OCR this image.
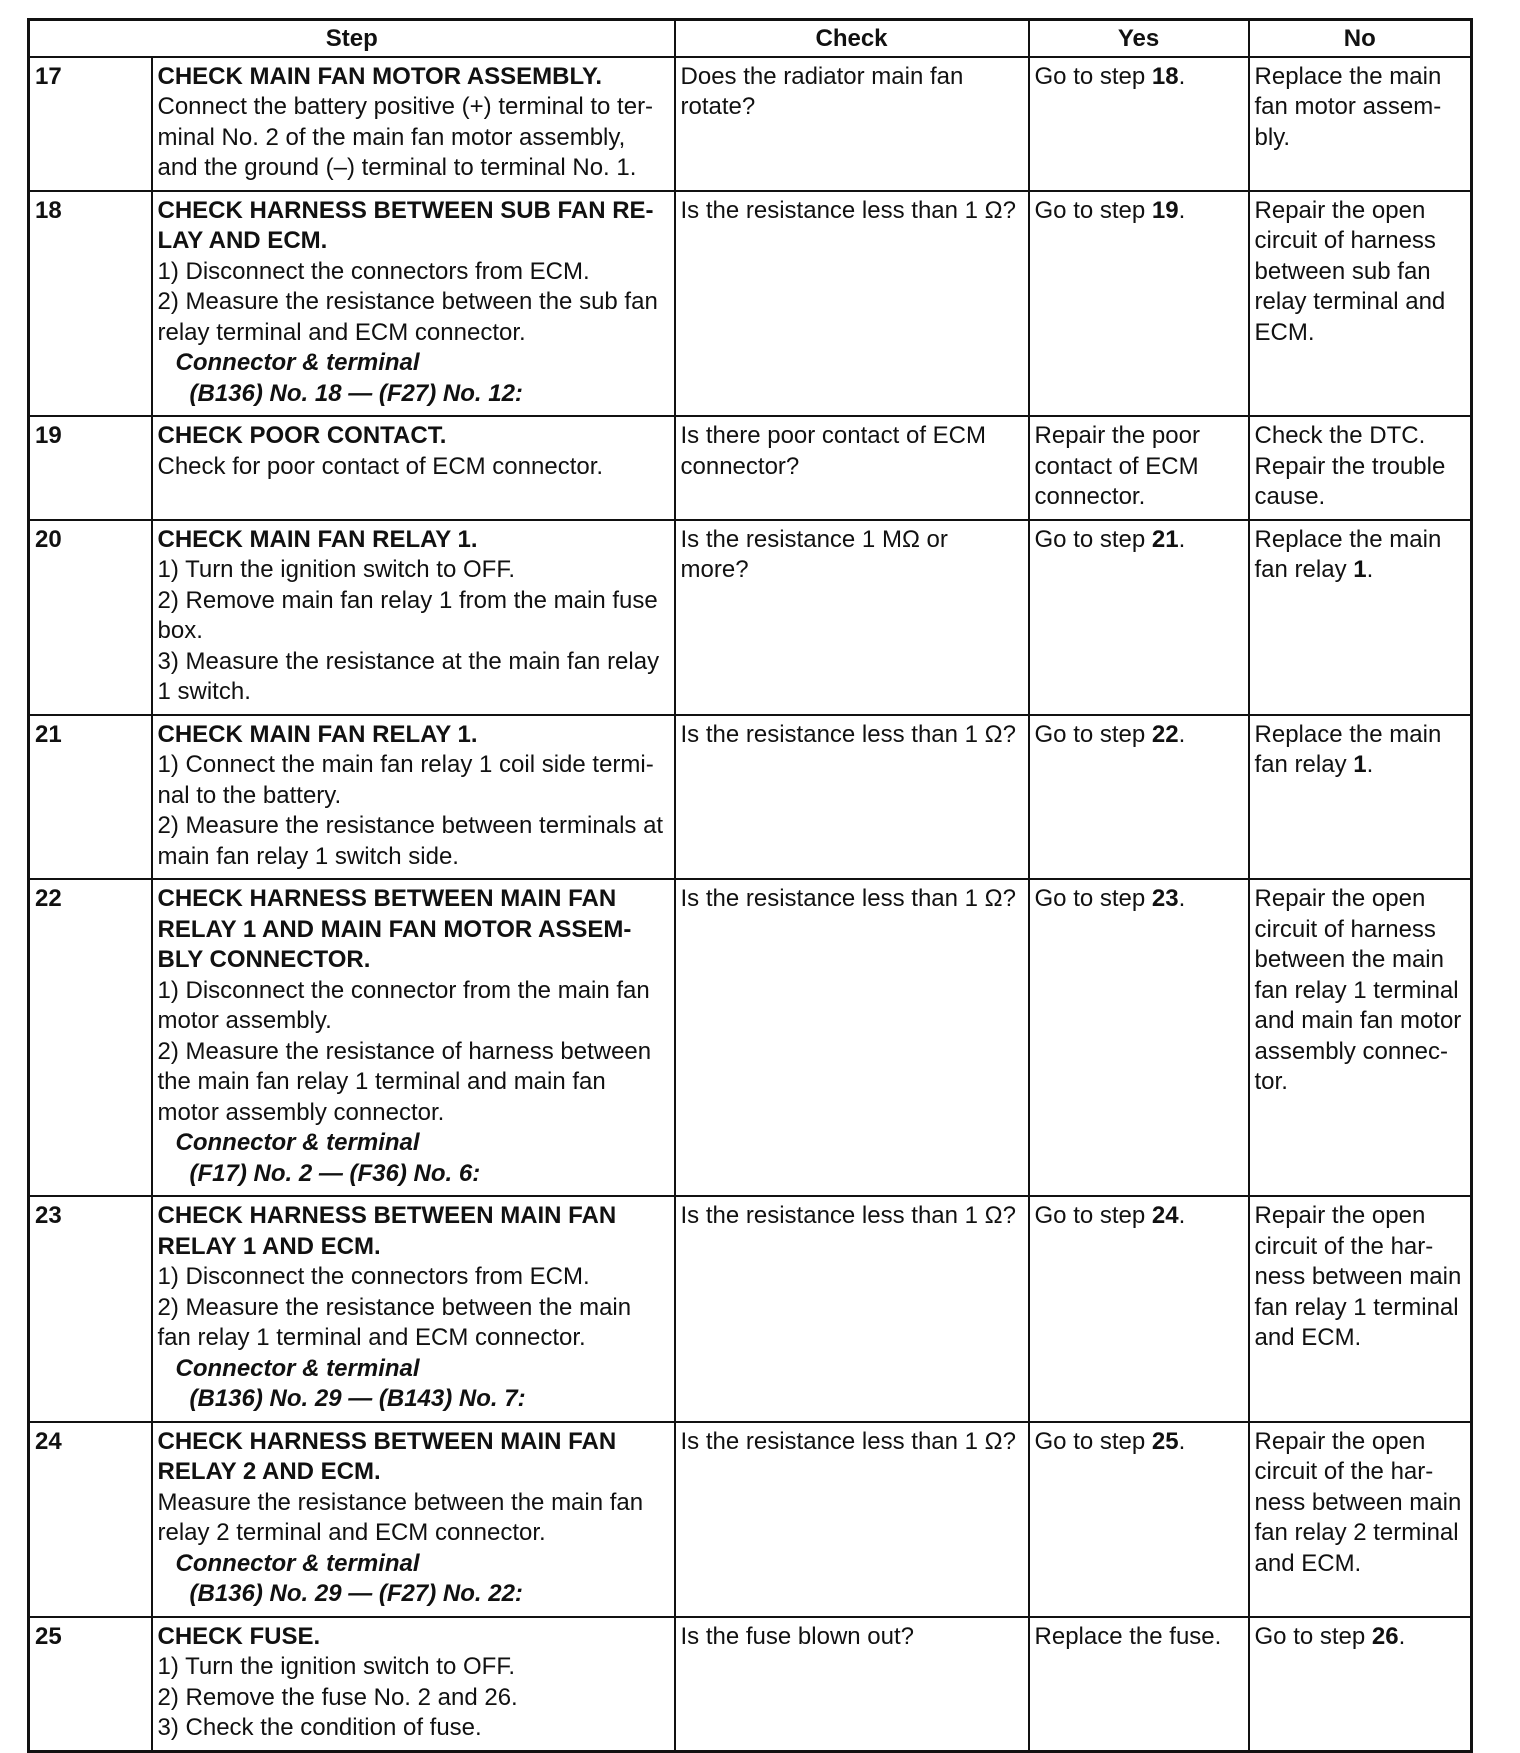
Step		Check	Yes	No
17	CHECK MAIN FAN MOTOR ASSEMBLY.
Connect the battery positive (+) terminal to ter-minal No. 2 of the main fan motor assembly, and the ground (–) terminal to terminal No. 1.	Does the radiator main fan rotate?	Go to step 18.	Replace the main fan motor assem-bly.
18	CHECK HARNESS BETWEEN SUB FAN RE-LAY AND ECM.
1) Disconnect the connectors from ECM.
2) Measure the resistance between the sub fan relay terminal and ECM connector.
Connector & terminal
(B136) No. 18 — (F27) No. 12:	Is the resistance less than 1 Ω?	Go to step 19.	Repair the open circuit of harness between sub fan relay terminal and ECM.
19	CHECK POOR CONTACT.
Check for poor contact of ECM connector.	Is there poor contact of ECM connector?	Repair the poor contact of ECM connector.	Check the DTC. Repair the trouble cause.
20	CHECK MAIN FAN RELAY 1.
1) Turn the ignition switch to OFF.
2) Remove main fan relay 1 from the main fuse box.
3) Measure the resistance at the main fan relay 1 switch.	Is the resistance 1 MΩ or more?	Go to step 21.	Replace the main fan relay 1.
21	CHECK MAIN FAN RELAY 1.
1) Connect the main fan relay 1 coil side termi-nal to the battery.
2) Measure the resistance between terminals at main fan relay 1 switch side.	Is the resistance less than 1 Ω?	Go to step 22.	Replace the main fan relay 1.
22	CHECK HARNESS BETWEEN MAIN FAN RELAY 1 AND MAIN FAN MOTOR ASSEM-BLY CONNECTOR.
1) Disconnect the connector from the main fan motor assembly.
2) Measure the resistance of harness between the main fan relay 1 terminal and main fan motor assembly connector.
Connector & terminal
(F17) No. 2 — (F36) No. 6:	Is the resistance less than 1 Ω?	Go to step 23.	Repair the open circuit of harness between the main fan relay 1 terminal and main fan motor assembly connec-tor.
23	CHECK HARNESS BETWEEN MAIN FAN RELAY 1 AND ECM.
1) Disconnect the connectors from ECM.
2) Measure the resistance between the main fan relay 1 terminal and ECM connector.
Connector & terminal
(B136) No. 29 — (B143) No. 7:	Is the resistance less than 1 Ω?	Go to step 24.	Repair the open circuit of the har-ness between main fan relay 1 terminal and ECM.
24	CHECK HARNESS BETWEEN MAIN FAN RELAY 2 AND ECM.
Measure the resistance between the main fan relay 2 terminal and ECM connector.
Connector & terminal
(B136) No. 29 — (F27) No. 22:	Is the resistance less than 1 Ω?	Go to step 25.	Repair the open circuit of the har-ness between main fan relay 2 terminal and ECM.
25	CHECK FUSE.
1) Turn the ignition switch to OFF.
2) Remove the fuse No. 2 and 26.
3) Check the condition of fuse.	Is the fuse blown out?	Replace the fuse.	Go to step 26.
